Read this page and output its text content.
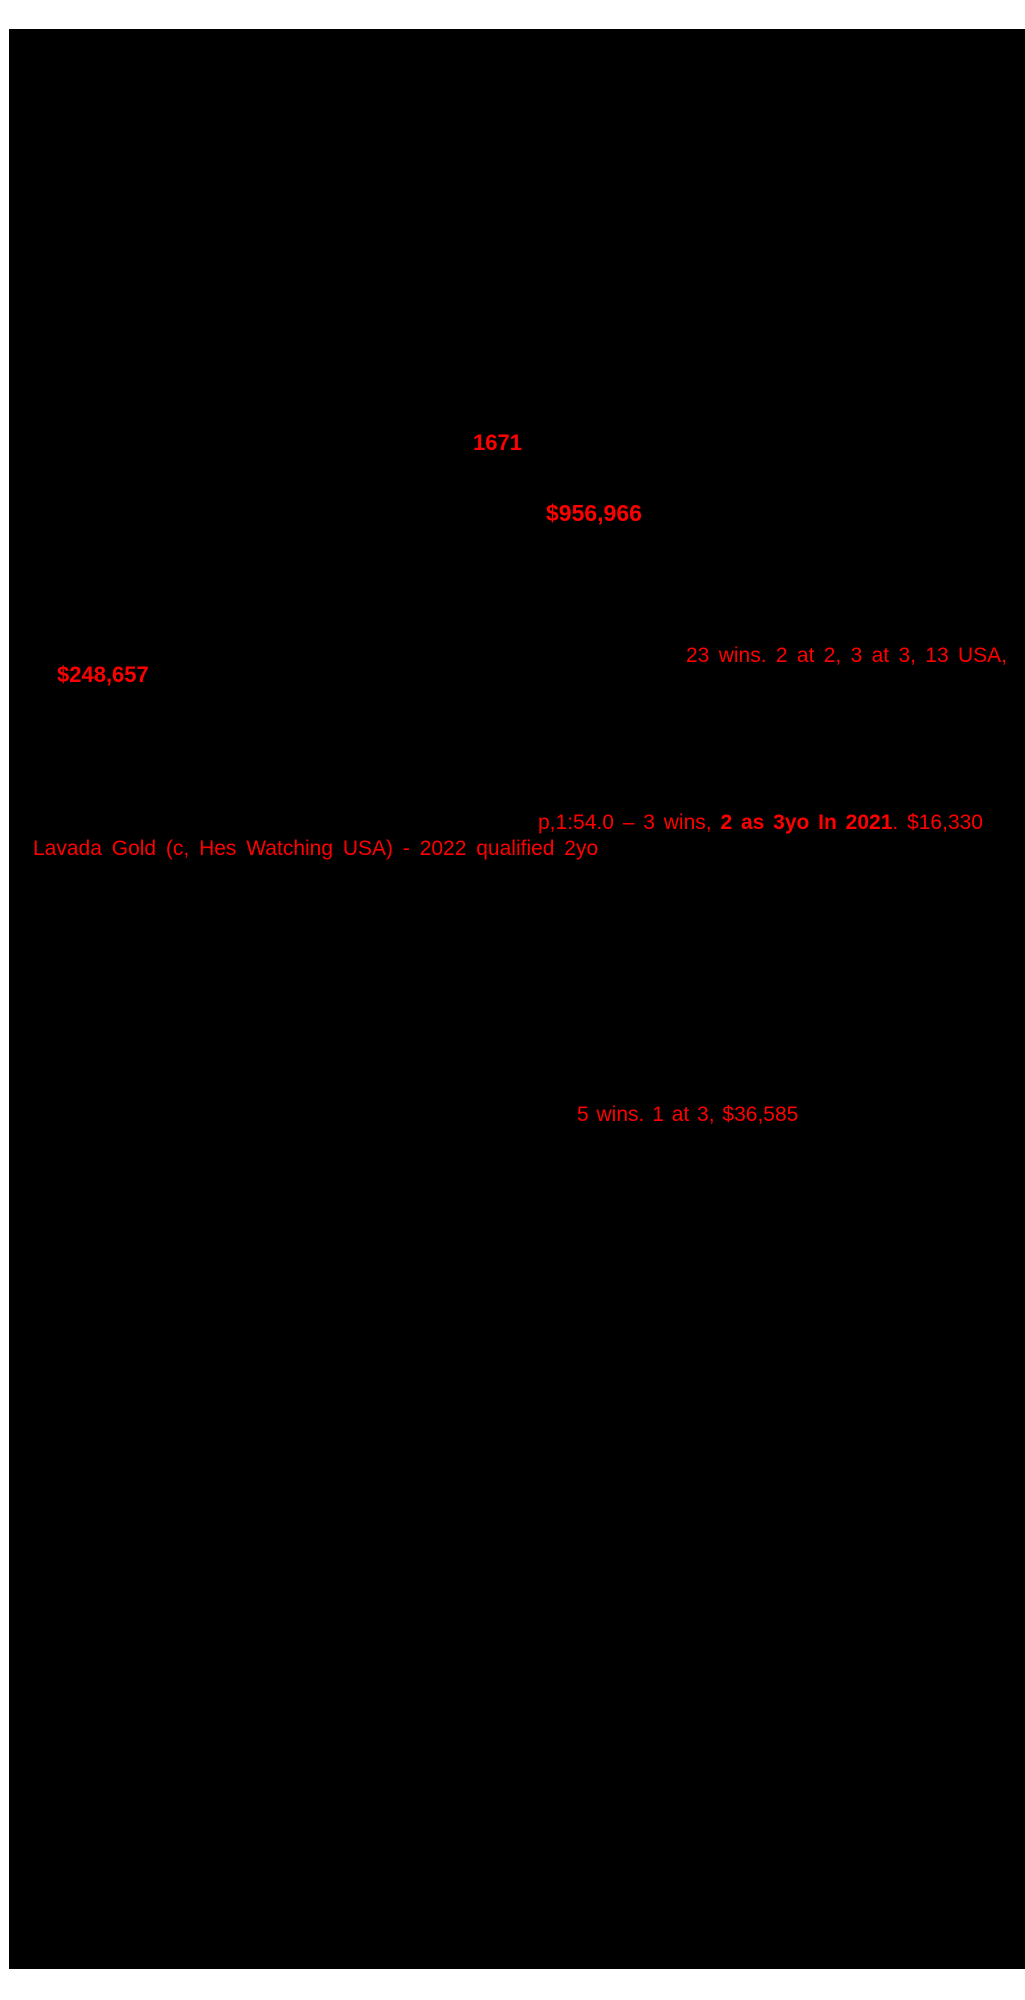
1671
$956,966
23 wins. 2 at 2, 3 at 3, 13 USA,
$248,657
p,1:54.0 – 3 wins, 2 as 3yo In 2021. $16,330
Lavada Gold (c, Hes Watching USA) - 2022 qualified 2yo
5 wins. 1 at 3, $36,585
